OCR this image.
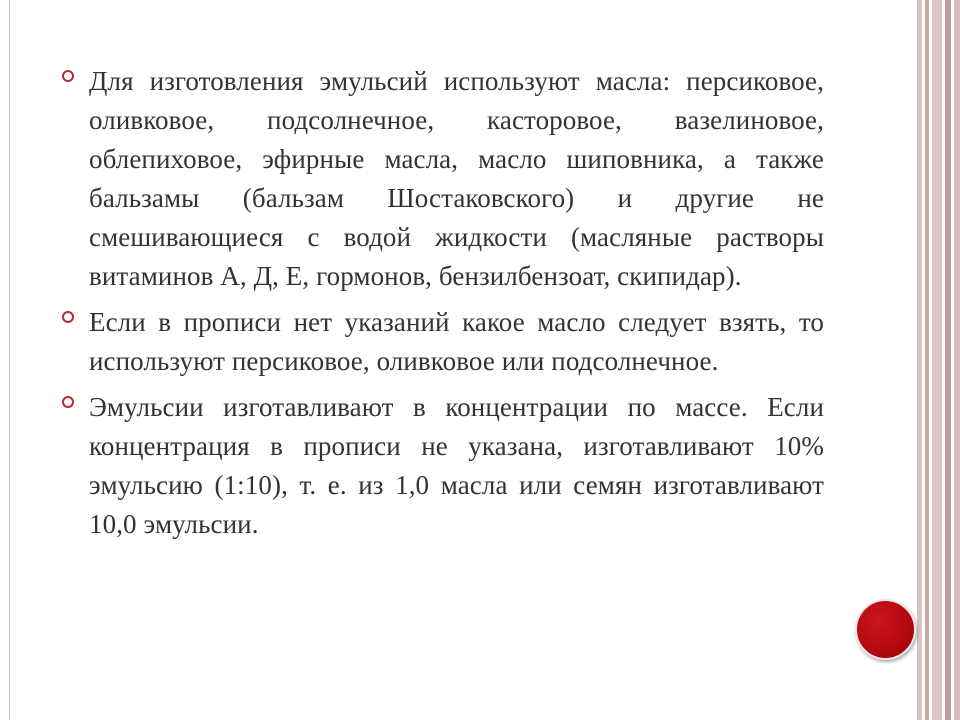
Для изготовления эмульсий используют масла: персиковое, оливковое, подсолнечное, касторовое, вазелиновое, облепиховое, эфирные масла, масло шиповника, а также бальзамы (бальзам Шостаковского) и другие не смешивающиеся с водой жидкости (масляные растворы витаминов А, Д, Е, гормонов, бензилбензоат, скипидар).
Если в прописи нет указаний какое масло следует взять, то используют персиковое, оливковое или подсолнечное.
Эмульсии изготавливают в концентрации по массе. Если концентрация в прописи не указана, изготавливают 10% эмульсию (1:10), т. е. из 1,0 масла или семян изготавливают 10,0 эмульсии.
